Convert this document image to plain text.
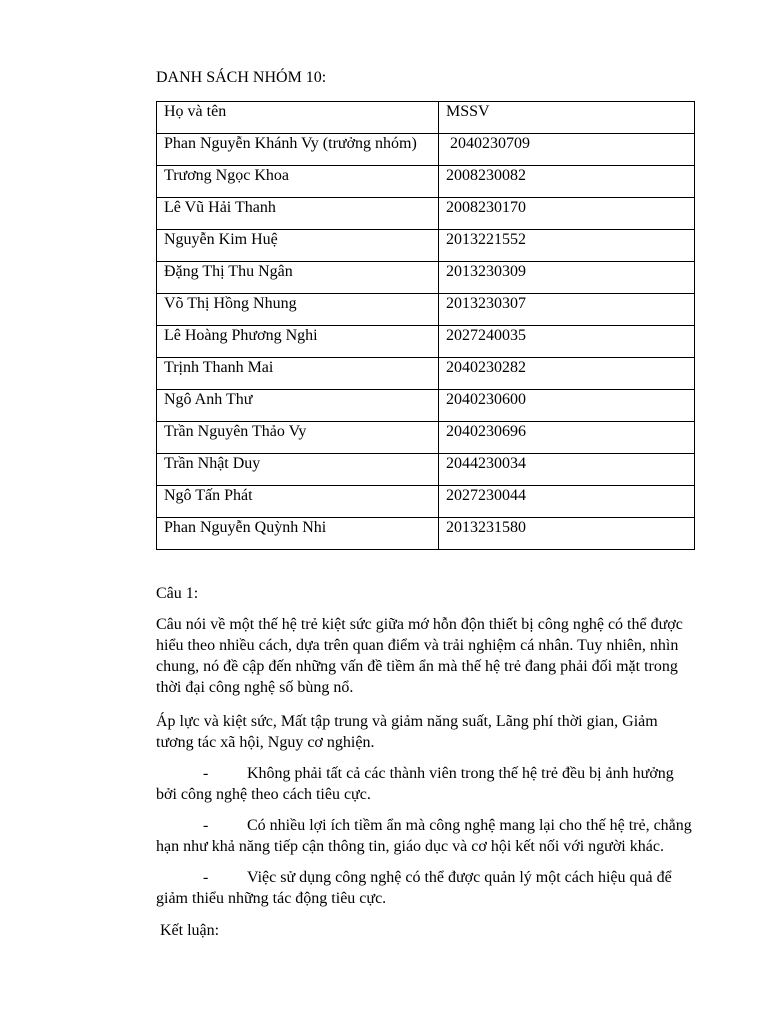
DANH SÁCH NHÓM 10:
Họ và tên	MSSV
Phan Nguyễn Khánh Vy (trưởng nhóm)	2040230709
Trương Ngọc Khoa	2008230082
Lê Vũ Hải Thanh	2008230170
Nguyễn Kim Huệ	2013221552
Đặng Thị Thu Ngân	2013230309
Võ Thị Hồng Nhung	2013230307
Lê Hoàng Phương Nghi	2027240035
Trịnh Thanh Mai	2040230282
Ngô Anh Thư	2040230600
Trần Nguyên Thảo Vy	2040230696
Trần Nhật Duy	2044230034
Ngô Tấn Phát	2027230044
Phan Nguyễn Quỳnh Nhi	2013231580
Câu 1:
Câu nói về một thế hệ trẻ kiệt sức giữa mớ hỗn độn thiết bị công nghệ có thể được hiểu theo nhiều cách, dựa trên quan điểm và trải nghiệm cá nhân. Tuy nhiên, nhìn chung, nó đề cập đến những vấn đề tiềm ẩn mà thế hệ trẻ đang phải đối mặt trong thời đại công nghệ số bùng nổ.
Áp lực và kiệt sức, Mất tập trung và giảm năng suất, Lãng phí thời gian, Giảm tương tác xã hội, Nguy cơ nghiện.
- Không phải tất cả các thành viên trong thế hệ trẻ đều bị ảnh hưởng bởi công nghệ theo cách tiêu cực.
- Có nhiều lợi ích tiềm ẩn mà công nghệ mang lại cho thế hệ trẻ, chẳng hạn như khả năng tiếp cận thông tin, giáo dục và cơ hội kết nối với người khác.
- Việc sử dụng công nghệ có thể được quản lý một cách hiệu quả để giảm thiểu những tác động tiêu cực.
Kết luận:
